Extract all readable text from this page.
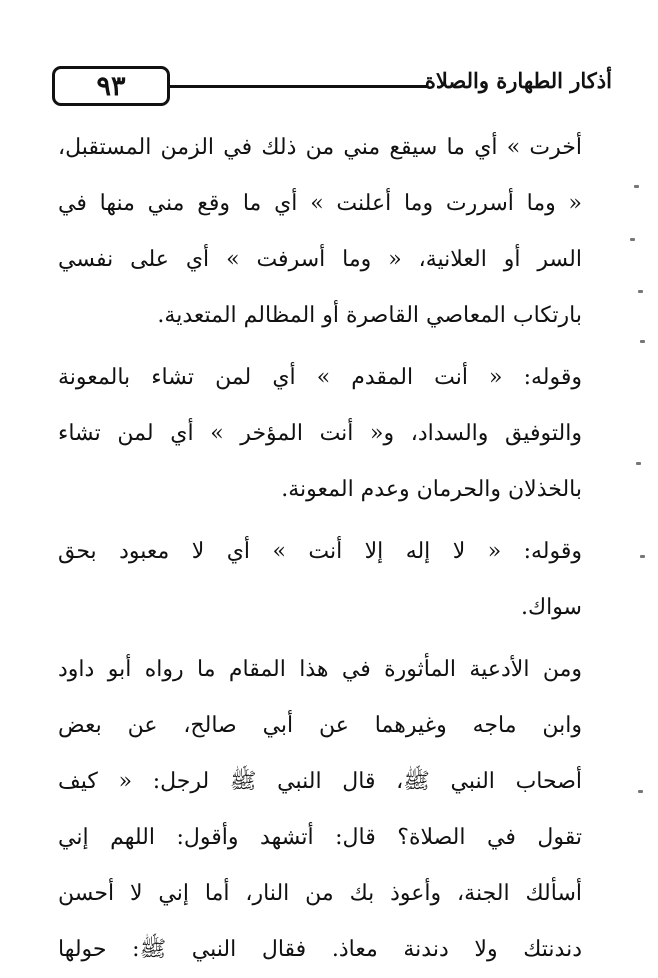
٩٣	أذكار الطهارة والصلاة
أخرت » أي ما سيقع مني من ذلك في الزمن المستقبل،
« وما أسررت وما أعلنت » أي ما وقع مني منها في
السر أو العلانية، « وما أسرفت » أي على نفسي
بارتكاب المعاصي القاصرة أو المظالم المتعدية.
وقوله: « أنت المقدم » أي لمن تشاء بالمعونة
والتوفيق والسداد، و« أنت المؤخر » أي لمن تشاء
بالخذلان والحرمان وعدم المعونة.
وقوله: « لا إله إلا أنت » أي لا معبود بحق
سواك.
ومن الأدعية المأثورة في هذا المقام ما رواه أبو داود
وابن ماجه وغيرهما عن أبي صالح، عن بعض
أصحاب النبي ﷺ، قال النبي ﷺ لرجل: « كيف
تقول في الصلاة؟ قال: أتشهد وأقول: اللهم إني
أسألك الجنة، وأعوذ بك من النار، أما إني لا أحسن
دندنتك ولا دندنة معاذ. فقال النبي ﷺ: حولها
